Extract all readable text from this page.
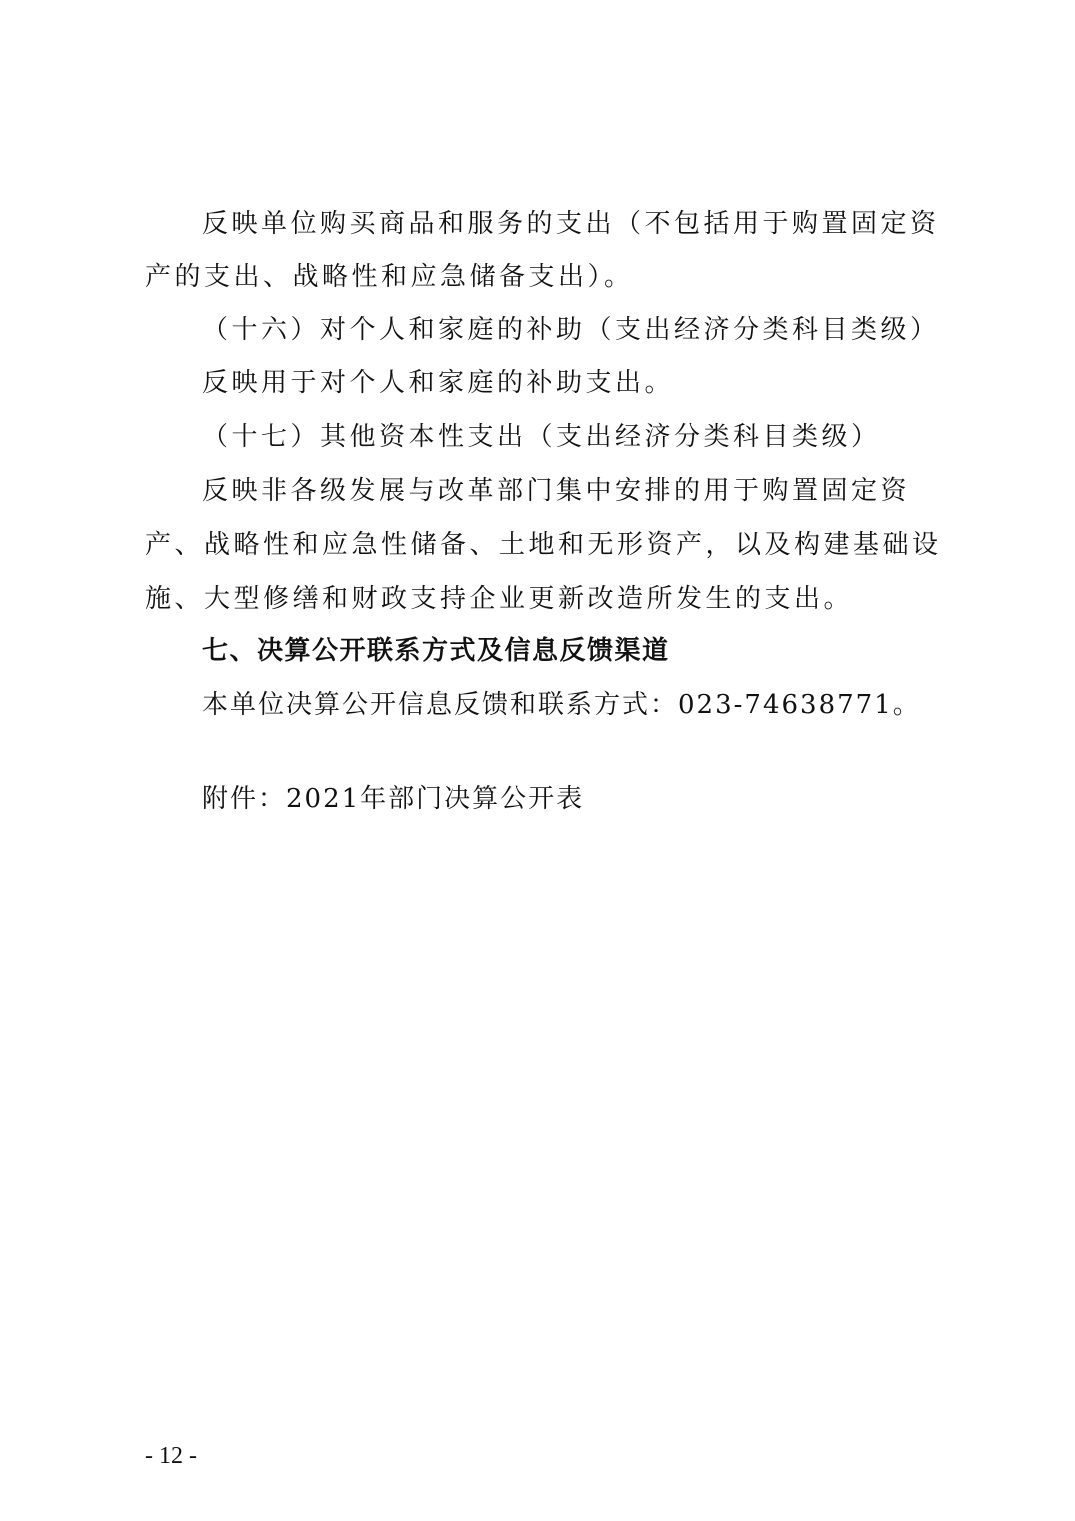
反映单位购买商品和服务的支出（不包括用于购置固定资
产的支出、战略性和应急储备支出）。
（十六）对个人和家庭的补助（支出经济分类科目类级）
反映用于对个人和家庭的补助支出。
（十七）其他资本性支出（支出经济分类科目类级）
反映非各级发展与改革部门集中安排的用于购置固定资
产、战略性和应急性储备、土地和无形资产，以及构建基础设
施、大型修缮和财政支持企业更新改造所发生的支出。
七、决算公开联系方式及信息反馈渠道
本单位决算公开信息反馈和联系方式：023-74638771。
附件：2021年部门决算公开表
- 12 -
